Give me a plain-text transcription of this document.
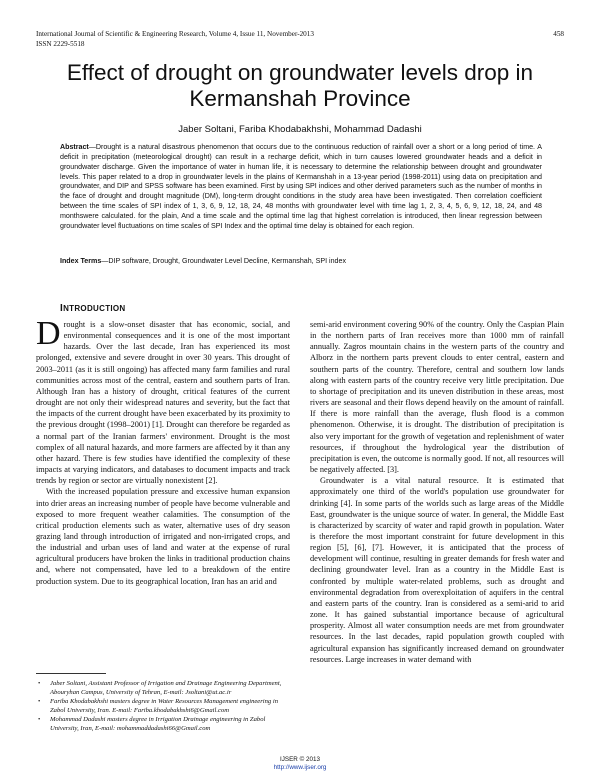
International Journal of Scientific & Engineering Research, Volume 4, Issue 11, November-2013
ISSN 2229-5518
458
Effect of drought on groundwater levels drop in
Kermanshah Province
Jaber Soltani, Fariba Khodabakhshi, Mohammad Dadashi

Abstract—Drought is a natural disastrous phenomenon that occurs due to the continuous reduction of rainfall over a short or a long period of time. A deficit in precipitation (meteorological drought) can result in a recharge deficit, which in turn causes lowered groundwater heads and a deficit in groundwater discharge. Given the importance of water in human life, it is necessary to determine the relationship between drought and groundwater levels. This paper related to a drop in groundwater levels in the plains of Kermanshah in a 13-year period (1998-2011) using data on precipitation and groundwater, and DIP and SPSS software has been examined. First by using SPI indices and other derived parameters such as the number of months in the face of drought and drought magnitude (DM), long-term drought conditions in the study area have been investigated. Then correlation coefficient between the time scales of SPI index of 1, 3, 6, 9, 12, 18, 24, 48 months with groundwater level with time lag 1, 2, 3, 4, 5, 6, 9, 12, 18, 24, and 48 monthswere calculated. for the plain, And a time scale and the optimal time lag that highest correlation is introduced, then linear regression between groundwater level fluctuations on time scales of SPI Index and the optimal time delay is obtained for each region.

Index Terms—DIP software, Drought, Groundwater Level Decline, Kermanshah, SPI index

INTRODUCTION

Drought is a slow-onset disaster that has economic, social, and environmental consequences and it is one of the most important hazards. Over the last decade, Iran has experienced its most prolonged, extensive and severe drought in over 30 years. This drought of 2003–2011 (as it is still ongoing) has affected many farm families and rural communities across most of the central, eastern and southern parts of Iran. Although Iran has a history of drought, critical features of the current drought are not only their widespread natures and severity, but the fact that the impacts of the current drought have been exacerbated by its proximity to the previous drought (1998–2001) [1]. Drought can therefore be regarded as a normal part of the Iranian farmers' environment. Drought is the most complex of all natural hazards, and more farmers are affected by it than any other hazard. There is few studies have identified the complexity of these impacts at varying indicators, and databases to document impacts and track trends by region or sector are virtually nonexistent [2].

With the increased population pressure and excessive human expansion into drier areas an increasing number of people have become vulnerable and exposed to more frequent weather calamities. The consumption of the critical production elements such as water, alternative uses of dry season grazing land through introduction of irrigated and non-irrigated crops, and the industrial and urban uses of land and water at the expense of rural agricultural producers have broken the links in traditional production chains and, where not compensated, have led to a breakdown of the entire production system. Due to its geographical location, Iran has an arid and

semi-arid environment covering 90% of the country. Only the Caspian Plain in the northern parts of Iran receives more than 1000 mm of rainfall annually. Zagros mountain chains in the western parts of the country and Alborz in the northern parts prevent clouds to enter central, eastern and southern parts of the country. Therefore, central and southern low lands along with eastern parts of the country receive very little precipitation. Due to shortage of precipitation and its uneven distribution in these areas, most rivers are seasonal and their flows depend heavily on the amount of rainfall. If there is more rainfall than the average, flush flood is a common phenomenon. Otherwise, it is drought. The distribution of precipitation is also very important for the growth of vegetation and replenishment of water resources, if throughout the hydrological year the distribution of precipitation is even, the outcome is normally good. If not, all resources will be negatively affected. [3].

Groundwater is a vital natural resource. It is estimated that approximately one third of the world's population use groundwater for drinking [4]. In some parts of the worlds such as large areas of the Middle East, groundwater is the unique source of water. In general, the Middle East is characterized by scarcity of water and rapid growth in population. Water is therefore the most important constraint for future development in this region [5], [6], [7]. However, it is anticipated that the process of development will continue, resulting in greater demands for fresh water and declining groundwater level. Iran as a country in the Middle East is confronted by multiple water-related problems, such as drought and environmental degradation from overexploitation of aquifers in the central and eastern parts of the country. Iran is considered as a semi-arid to arid zone. It has gained substantial importance because of agricultural prosperity. Almost all water consumption needs are met from groundwater resources. In the last decades, rapid population growth coupled with agricultural expansion has significantly increased demand on groundwater resources. Large increases in water demand with

• Jaber Soltani, Assistant Professor of Irrigation and Drainage Engineering Department, Abouryhan Campus, University of Tehran, E-mail: Jsoltani@ut.ac.ir
• Fariba Khodabakhshi masters degree in Water Resources Management engineering in Zabol University, Iran. E-mail: Fariba.khodabakhshi6@Gmail.com
• Mohammad Dadashi masters degree in Irrigation Drainage engineering in Zabol University, Iran, E-mail: mohammaddadashi66@Gmail.com
IJSER © 2013
http://www.ijser.org
